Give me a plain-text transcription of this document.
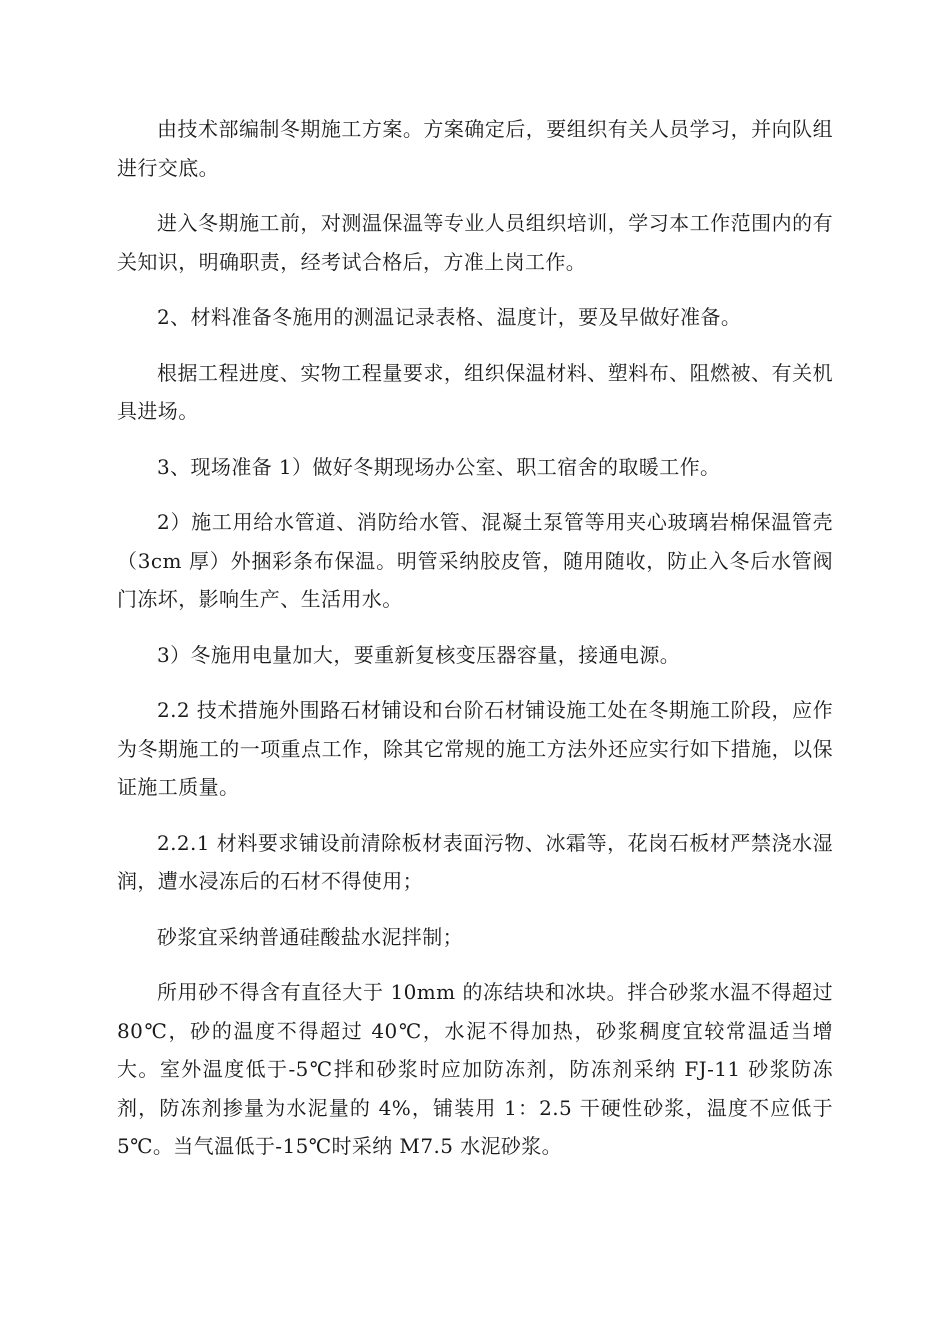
由技术部编制冬期施工方案。方案确定后，要组织有关人员学习，并向队组进行交底。

进入冬期施工前，对测温保温等专业人员组织培训，学习本工作范围内的有关知识，明确职责，经考试合格后，方准上岗工作。

2、材料准备冬施用的测温记录表格、温度计，要及早做好准备。

根据工程进度、实物工程量要求，组织保温材料、塑料布、阻燃被、有关机具进场。

3、现场准备 1）做好冬期现场办公室、职工宿舍的取暖工作。

2）施工用给水管道、消防给水管、混凝土泵管等用夹心玻璃岩棉保温管壳（3cm 厚）外捆彩条布保温。明管采纳胶皮管，随用随收，防止入冬后水管阀门冻坏，影响生产、生活用水。

3）冬施用电量加大，要重新复核变压器容量，接通电源。

2.2 技术措施外围路石材铺设和台阶石材铺设施工处在冬期施工阶段，应作为冬期施工的一项重点工作，除其它常规的施工方法外还应实行如下措施，以保证施工质量。

2.2.1 材料要求铺设前清除板材表面污物、冰霜等，花岗石板材严禁浇水湿润，遭水浸冻后的石材不得使用；

砂浆宜采纳普通硅酸盐水泥拌制；

所用砂不得含有直径大于 10mm 的冻结块和冰块。拌合砂浆水温不得超过 80℃，砂的温度不得超过 40℃，水泥不得加热，砂浆稠度宜较常温适当增大。室外温度低于-5℃拌和砂浆时应加防冻剂，防冻剂采纳 FJ-11 砂浆防冻剂，防冻剂掺量为水泥量的 4%，铺装用 1：2.5 干硬性砂浆，温度不应低于 5℃。当气温低于-15℃时采纳 M7.5 水泥砂浆。
